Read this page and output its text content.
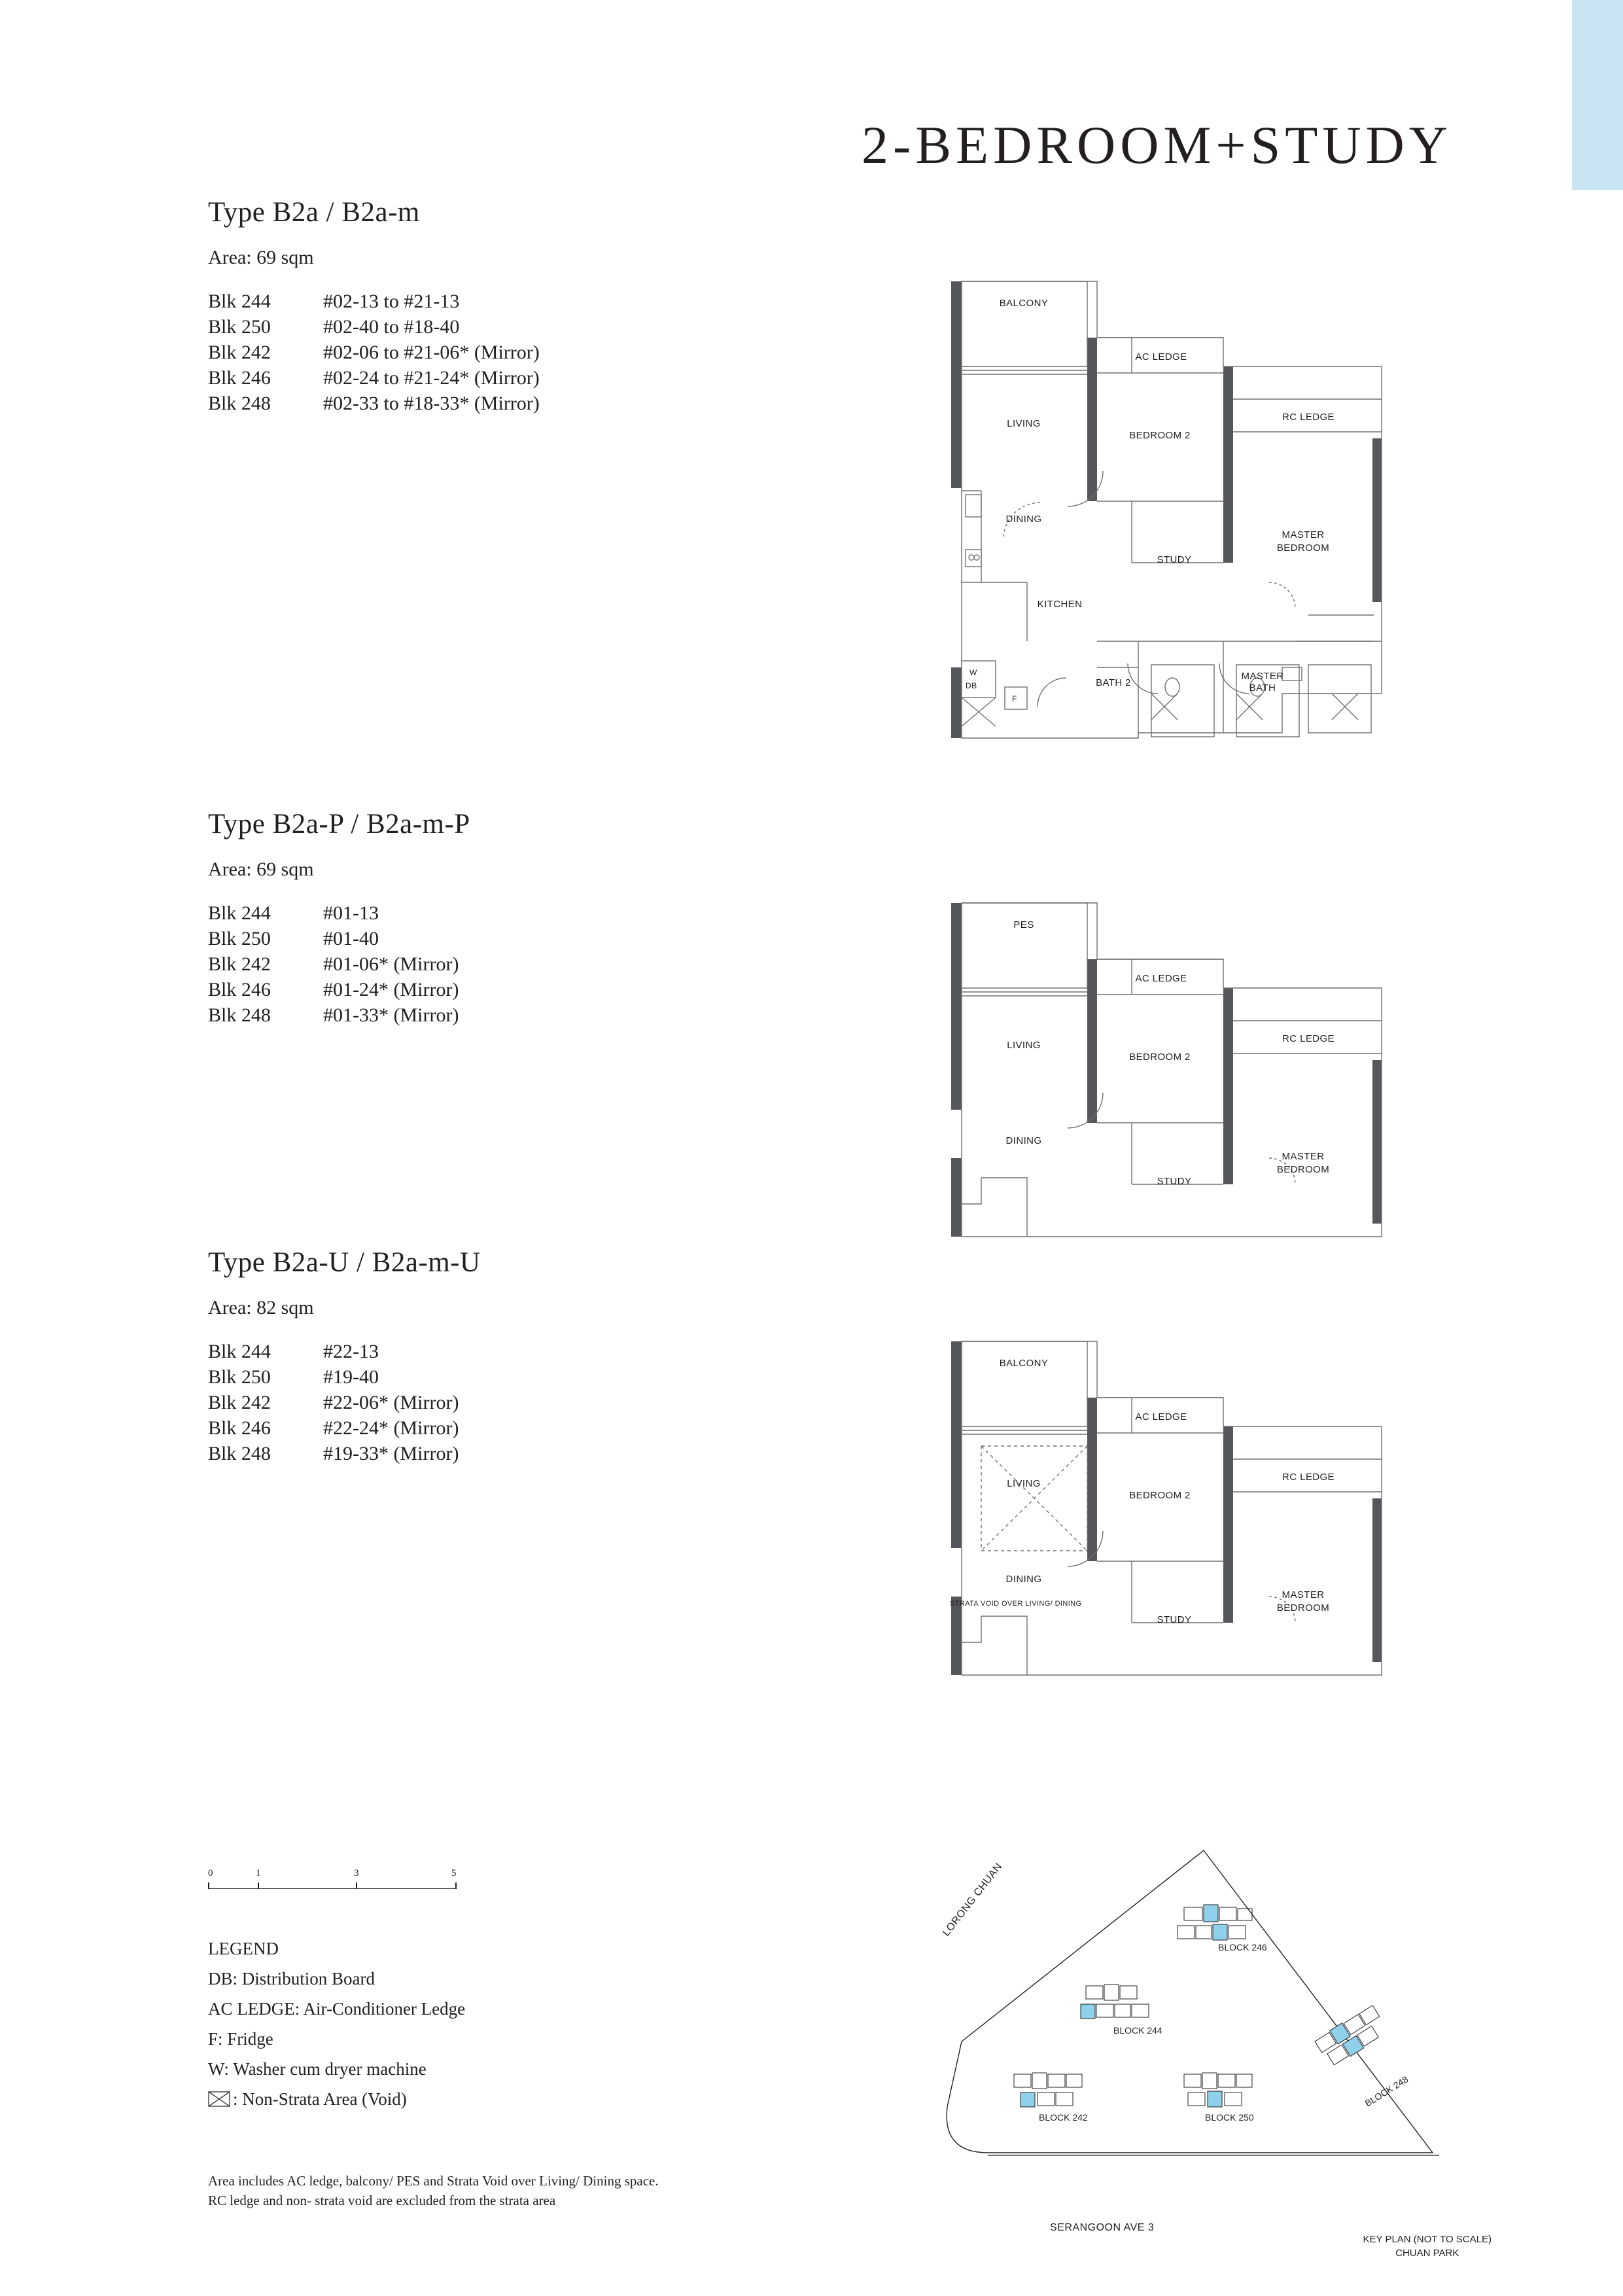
2-BEDROOM+STUDY
Type B2a / B2a-m
Area: 69 sqm
Blk 244	#02-13 to #21-13
Blk 250	#02-40 to #18-40
Blk 242	#02-06 to #21-06* (Mirror)
Blk 246	#02-24 to #21-24* (Mirror)
Blk 248	#02-33 to #18-33* (Mirror)
BALCONY
LIVING
DINING
KITCHEN
AC LEDGE
BEDROOM 2
RC LEDGE
MASTER
BEDROOM
STUDY
BATH 2
MASTER
BATH
W
DB
F
Type B2a-P / B2a-m-P
Area: 69 sqm
Blk 244	#01-13
Blk 250	#01-40
Blk 242	#01-06* (Mirror)
Blk 246	#01-24* (Mirror)
Blk 248	#01-33* (Mirror)
PES
LIVING
DINING
AC LEDGE
BEDROOM 2
RC LEDGE
MASTER
BEDROOM
STUDY
Type B2a-U / B2a-m-U
Area: 82 sqm
Blk 244	#22-13
Blk 250	#19-40
Blk 242	#22-06* (Mirror)
Blk 246	#22-24* (Mirror)
Blk 248	#19-33* (Mirror)
BALCONY
LIVING
DINING
AC LEDGE
BEDROOM 2
RC LEDGE
MASTER
BEDROOM
STUDY
STRATA VOID OVER LIVING/ DINING
0	1	3	5
LEGEND
DB: Distribution Board
AC LEDGE: Air-Conditioner Ledge
F: Fridge
W: Washer cum dryer machine
: Non-Strata Area (Void)
Area includes AC ledge, balcony/ PES and Strata Void over Living/ Dining space.
RC ledge and non- strata void are excluded from the strata area
BLOCK 246
BLOCK 244
BLOCK 248
BLOCK 242	BLOCK 250
SERANGOON AVE 3
LORONG CHUAN
KEY PLAN (NOT TO SCALE)
CHUAN PARK
